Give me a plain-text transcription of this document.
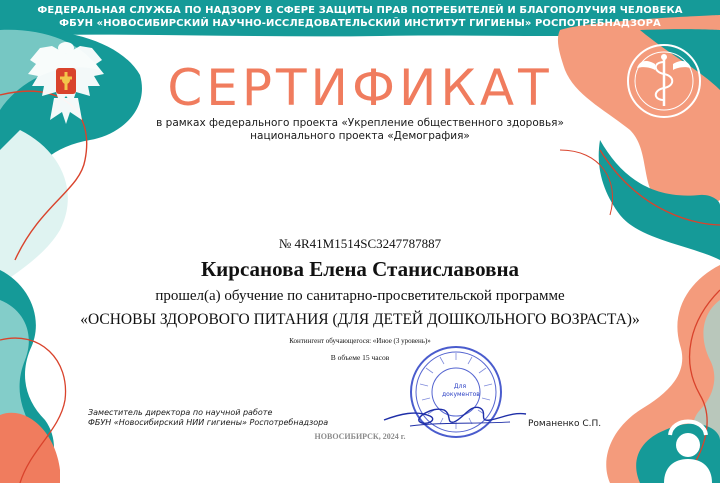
ФЕДЕРАЛЬНАЯ СЛУЖБА ПО НАДЗОРУ В СФЕРЕ ЗАЩИТЫ ПРАВ ПОТРЕБИТЕЛЕЙ И БЛАГОПОЛУЧИЯ ЧЕЛОВЕКА
ФБУН «НОВОСИБИРСКИЙ НАУЧНО-ИССЛЕДОВАТЕЛЬСКИЙ ИНСТИТУТ ГИГИЕНЫ» РОСПОТРЕБНАДЗОРА
СЕРТИФИКАТ
в рамках федерального проекта «Укрепление общественного здоровья»
национального проекта «Демография»
№ 4R41M1514SC3247787887
Кирсанова Елена Станиславовна
прошел(а) обучение по санитарно-просветительской программе
«ОСНОВЫ ЗДОРОВОГО ПИТАНИЯ (ДЛЯ ДЕТЕЙ ДОШКОЛЬНОГО ВОЗРАСТА)»
Контингент обучающегося: «Иное (3 уровень)»
В объеме 15 часов
Для документов
Заместитель директора по научной работе
ФБУН «Новосибирский НИИ гигиены» Роспотребнадзора	Романенко С.П.
НОВОСИБИРСК, 2024 г.
